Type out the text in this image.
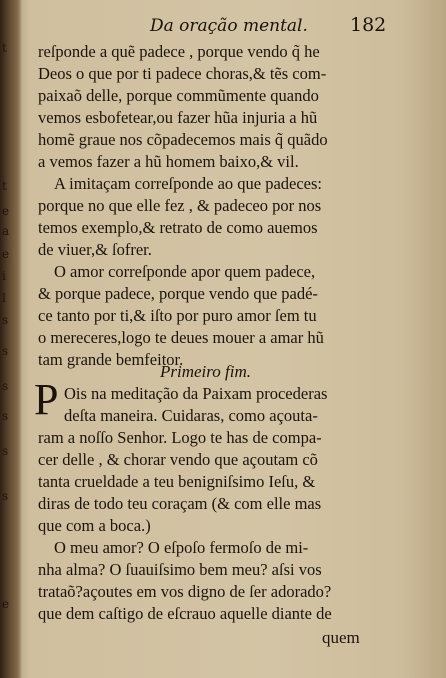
t
t
e
a
e
i
l
s
s
s
s
s
s
e
Da oração mental. 182
reſponde a quẽ padece , porque vendo q̃ he
Deos o que por ti padece choras,& tẽs com-
paixaõ delle, porque commũmente quando
vemos esbofetear,ou fazer hũa injuria a hũ
homẽ graue nos cõpadecemos mais q̃ quãdo
a vemos fazer a hũ homem baixo,& vil.
A imitaçam correſponde ao que padeces:
porque no que elle fez , & padeceo por nos
temos exemplo,& retrato de como auemos
de viuer,& ſofrer.
O amor correſponde apor quem padece,
& porque padece, porque vendo que padé-
ce tanto por ti,& iſto por puro amor ſem tu
o mereceres,logo te deues mouer a amar hũ
tam grande bemfeitor.
Primeiro fim.
P Ois na meditação da Paixam procederas
deſta maneira. Cuidaras, como açouta-
ram a noſſo Senhor. Logo te has de compa-
cer delle , & chorar vendo que açoutam cõ
tanta crueldade a teu benigniſsimo Ieſu, &
diras de todo teu coraçam (& com elle mas
que com a boca.)
O meu amor? O eſpoſo fermoſo de mi-
nha alma? O ſuauiſsimo bem meu? aſsi vos
trataõ?açoutes em vos digno de ſer adorado?
que dem caſtigo de eſcrauo aquelle diante de
quem
